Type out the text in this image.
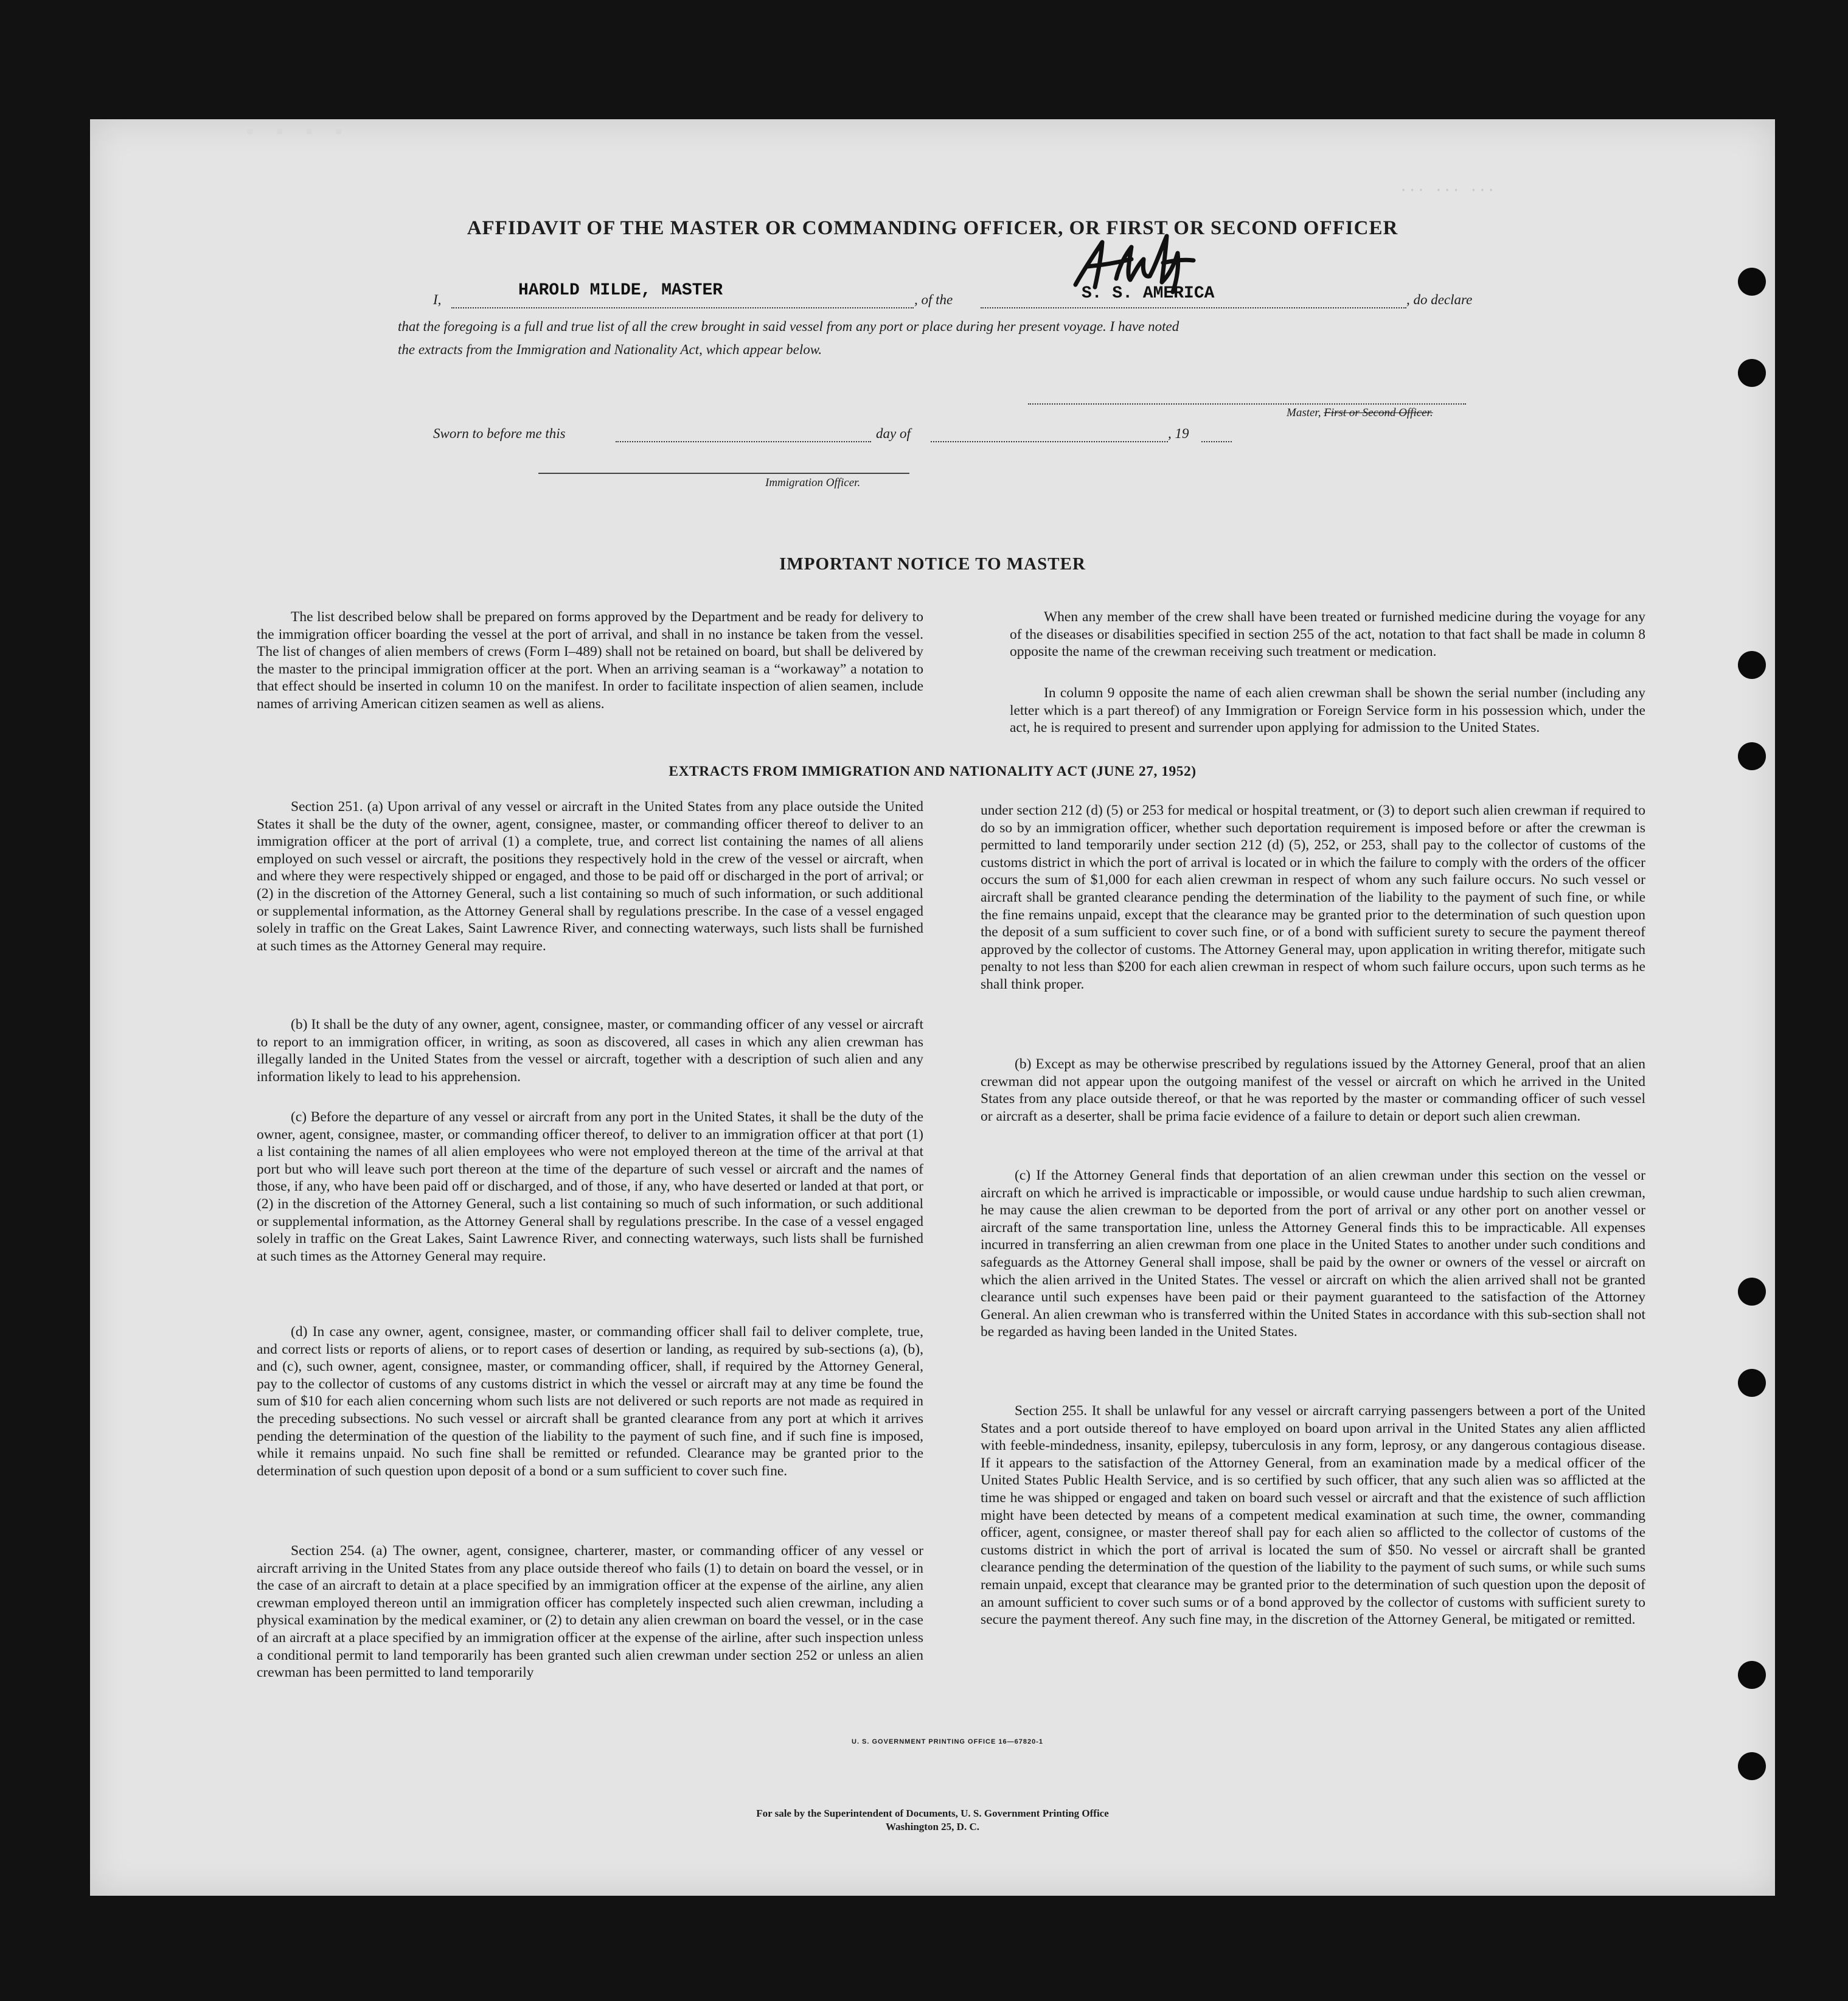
▪ ▪ ▪ ▪
··· ··· ···
AFFIDAVIT OF THE MASTER OR COMMANDING OFFICER, OR FIRST OR SECOND OFFICER
I,	HAROLD MILDE, MASTER	, of the	S. S. AMERICA	, do declare
that the foregoing is a full and true list of all the crew brought in said vessel from any port or place during her present voyage. I have noted
the extracts from the Immigration and Nationality Act, which appear below.
Master, First or Second Officer.
Sworn to before me this	day of	, 19
Immigration Officer.
IMPORTANT NOTICE TO MASTER

The list described below shall be prepared on forms approved by the Department and be ready for delivery to the immigration officer boarding the vessel at the port of arrival, and shall in no instance be taken from the vessel. The list of changes of alien members of crews (Form I–489) shall not be retained on board, but shall be delivered by the master to the principal immigration officer at the port. When an arriving seaman is a “workaway” a notation to that effect should be inserted in column 10 on the manifest. In order to facilitate inspection of alien seamen, include names of arriving American citizen seamen as well as aliens.

When any member of the crew shall have been treated or furnished medicine during the voyage for any of the diseases or disabilities specified in section 255 of the act, notation to that fact shall be made in column 8 opposite the name of the crewman receiving such treatment or medication.

In column 9 opposite the name of each alien crewman shall be shown the serial number (including any letter which is a part thereof) of any Immigration or Foreign Service form in his possession which, under the act, he is required to present and surrender upon applying for admission to the United States.

EXTRACTS FROM IMMIGRATION AND NATIONALITY ACT (JUNE 27, 1952)

Section 251. (a) Upon arrival of any vessel or aircraft in the United States from any place outside the United States it shall be the duty of the owner, agent, consignee, master, or commanding officer thereof to deliver to an immigration officer at the port of arrival (1) a complete, true, and correct list containing the names of all aliens employed on such vessel or aircraft, the positions they respectively hold in the crew of the vessel or aircraft, when and where they were respectively shipped or engaged, and those to be paid off or discharged in the port of arrival; or (2) in the discretion of the Attorney General, such a list containing so much of such information, or such additional or supplemental information, as the Attorney General shall by regulations prescribe. In the case of a vessel engaged solely in traffic on the Great Lakes, Saint Lawrence River, and connecting waterways, such lists shall be furnished at such times as the Attorney General may require.

(b) It shall be the duty of any owner, agent, consignee, master, or commanding officer of any vessel or aircraft to report to an immigration officer, in writing, as soon as discovered, all cases in which any alien crewman has illegally landed in the United States from the vessel or aircraft, together with a description of such alien and any information likely to lead to his apprehension.

(c) Before the departure of any vessel or aircraft from any port in the United States, it shall be the duty of the owner, agent, consignee, master, or commanding officer thereof, to deliver to an immigration officer at that port (1) a list containing the names of all alien employees who were not employed thereon at the time of the arrival at that port but who will leave such port thereon at the time of the departure of such vessel or aircraft and the names of those, if any, who have been paid off or discharged, and of those, if any, who have deserted or landed at that port, or (2) in the discretion of the Attorney General, such a list containing so much of such information, or such additional or supplemental information, as the Attorney General shall by regulations prescribe. In the case of a vessel engaged solely in traffic on the Great Lakes, Saint Lawrence River, and connecting waterways, such lists shall be furnished at such times as the Attorney General may require.

(d) In case any owner, agent, consignee, master, or commanding officer shall fail to deliver complete, true, and correct lists or reports of aliens, or to report cases of desertion or landing, as required by sub-sections (a), (b), and (c), such owner, agent, consignee, master, or commanding officer, shall, if required by the Attorney General, pay to the collector of customs of any customs district in which the vessel or aircraft may at any time be found the sum of $10 for each alien concerning whom such lists are not delivered or such reports are not made as required in the preceding subsections. No such vessel or aircraft shall be granted clearance from any port at which it arrives pending the determination of the question of the liability to the payment of such fine, and if such fine is imposed, while it remains unpaid. No such fine shall be remitted or refunded. Clearance may be granted prior to the determination of such question upon deposit of a bond or a sum sufficient to cover such fine.

Section 254. (a) The owner, agent, consignee, charterer, master, or commanding officer of any vessel or aircraft arriving in the United States from any place outside thereof who fails (1) to detain on board the vessel, or in the case of an aircraft to detain at a place specified by an immigration officer at the expense of the airline, any alien crewman employed thereon until an immigration officer has completely inspected such alien crewman, including a physical examination by the medical examiner, or (2) to detain any alien crewman on board the vessel, or in the case of an aircraft at a place specified by an immigration officer at the expense of the airline, after such inspection unless a conditional permit to land temporarily has been granted such alien crewman under section 252 or unless an alien crewman has been permitted to land temporarily

under section 212 (d) (5) or 253 for medical or hospital treatment, or (3) to deport such alien crewman if required to do so by an immigration officer, whether such deportation requirement is imposed before or after the crewman is permitted to land temporarily under section 212 (d) (5), 252, or 253, shall pay to the collector of customs of the customs district in which the port of arrival is located or in which the failure to comply with the orders of the officer occurs the sum of $1,000 for each alien crewman in respect of whom any such failure occurs. No such vessel or aircraft shall be granted clearance pending the determination of the liability to the payment of such fine, or while the fine remains unpaid, except that the clearance may be granted prior to the determination of such question upon the deposit of a sum sufficient to cover such fine, or of a bond with sufficient surety to secure the payment thereof approved by the collector of customs. The Attorney General may, upon application in writing therefor, mitigate such penalty to not less than $200 for each alien crewman in respect of whom such failure occurs, upon such terms as he shall think proper.

(b) Except as may be otherwise prescribed by regulations issued by the Attorney General, proof that an alien crewman did not appear upon the outgoing manifest of the vessel or aircraft on which he arrived in the United States from any place outside thereof, or that he was reported by the master or commanding officer of such vessel or aircraft as a deserter, shall be prima facie evidence of a failure to detain or deport such alien crewman.

(c) If the Attorney General finds that deportation of an alien crewman under this section on the vessel or aircraft on which he arrived is impracticable or impossible, or would cause undue hardship to such alien crewman, he may cause the alien crewman to be deported from the port of arrival or any other port on another vessel or aircraft of the same transportation line, unless the Attorney General finds this to be impracticable. All expenses incurred in transferring an alien crewman from one place in the United States to another under such conditions and safeguards as the Attorney General shall impose, shall be paid by the owner or owners of the vessel or aircraft on which the alien arrived in the United States. The vessel or aircraft on which the alien arrived shall not be granted clearance until such expenses have been paid or their payment guaranteed to the satisfaction of the Attorney General. An alien crewman who is transferred within the United States in accordance with this sub-section shall not be regarded as having been landed in the United States.

Section 255. It shall be unlawful for any vessel or aircraft carrying passengers between a port of the United States and a port outside thereof to have employed on board upon arrival in the United States any alien afflicted with feeble-mindedness, insanity, epilepsy, tuberculosis in any form, leprosy, or any dangerous contagious disease. If it appears to the satisfaction of the Attorney General, from an examination made by a medical officer of the United States Public Health Service, and is so certified by such officer, that any such alien was so afflicted at the time he was shipped or engaged and taken on board such vessel or aircraft and that the existence of such affliction might have been detected by means of a competent medical examination at such time, the owner, commanding officer, agent, consignee, or master thereof shall pay for each alien so afflicted to the collector of customs of the customs district in which the port of arrival is located the sum of $50. No vessel or aircraft shall be granted clearance pending the determination of the question of the liability to the payment of such sums, or while such sums remain unpaid, except that clearance may be granted prior to the determination of such question upon the deposit of an amount sufficient to cover such sums or of a bond approved by the collector of customs with sufficient surety to secure the payment thereof. Any such fine may, in the discretion of the Attorney General, be mitigated or remitted.

U. S. GOVERNMENT PRINTING OFFICE 16—67820-1
For sale by the Superintendent of Documents, U. S. Government Printing Office
Washington 25, D. C.
